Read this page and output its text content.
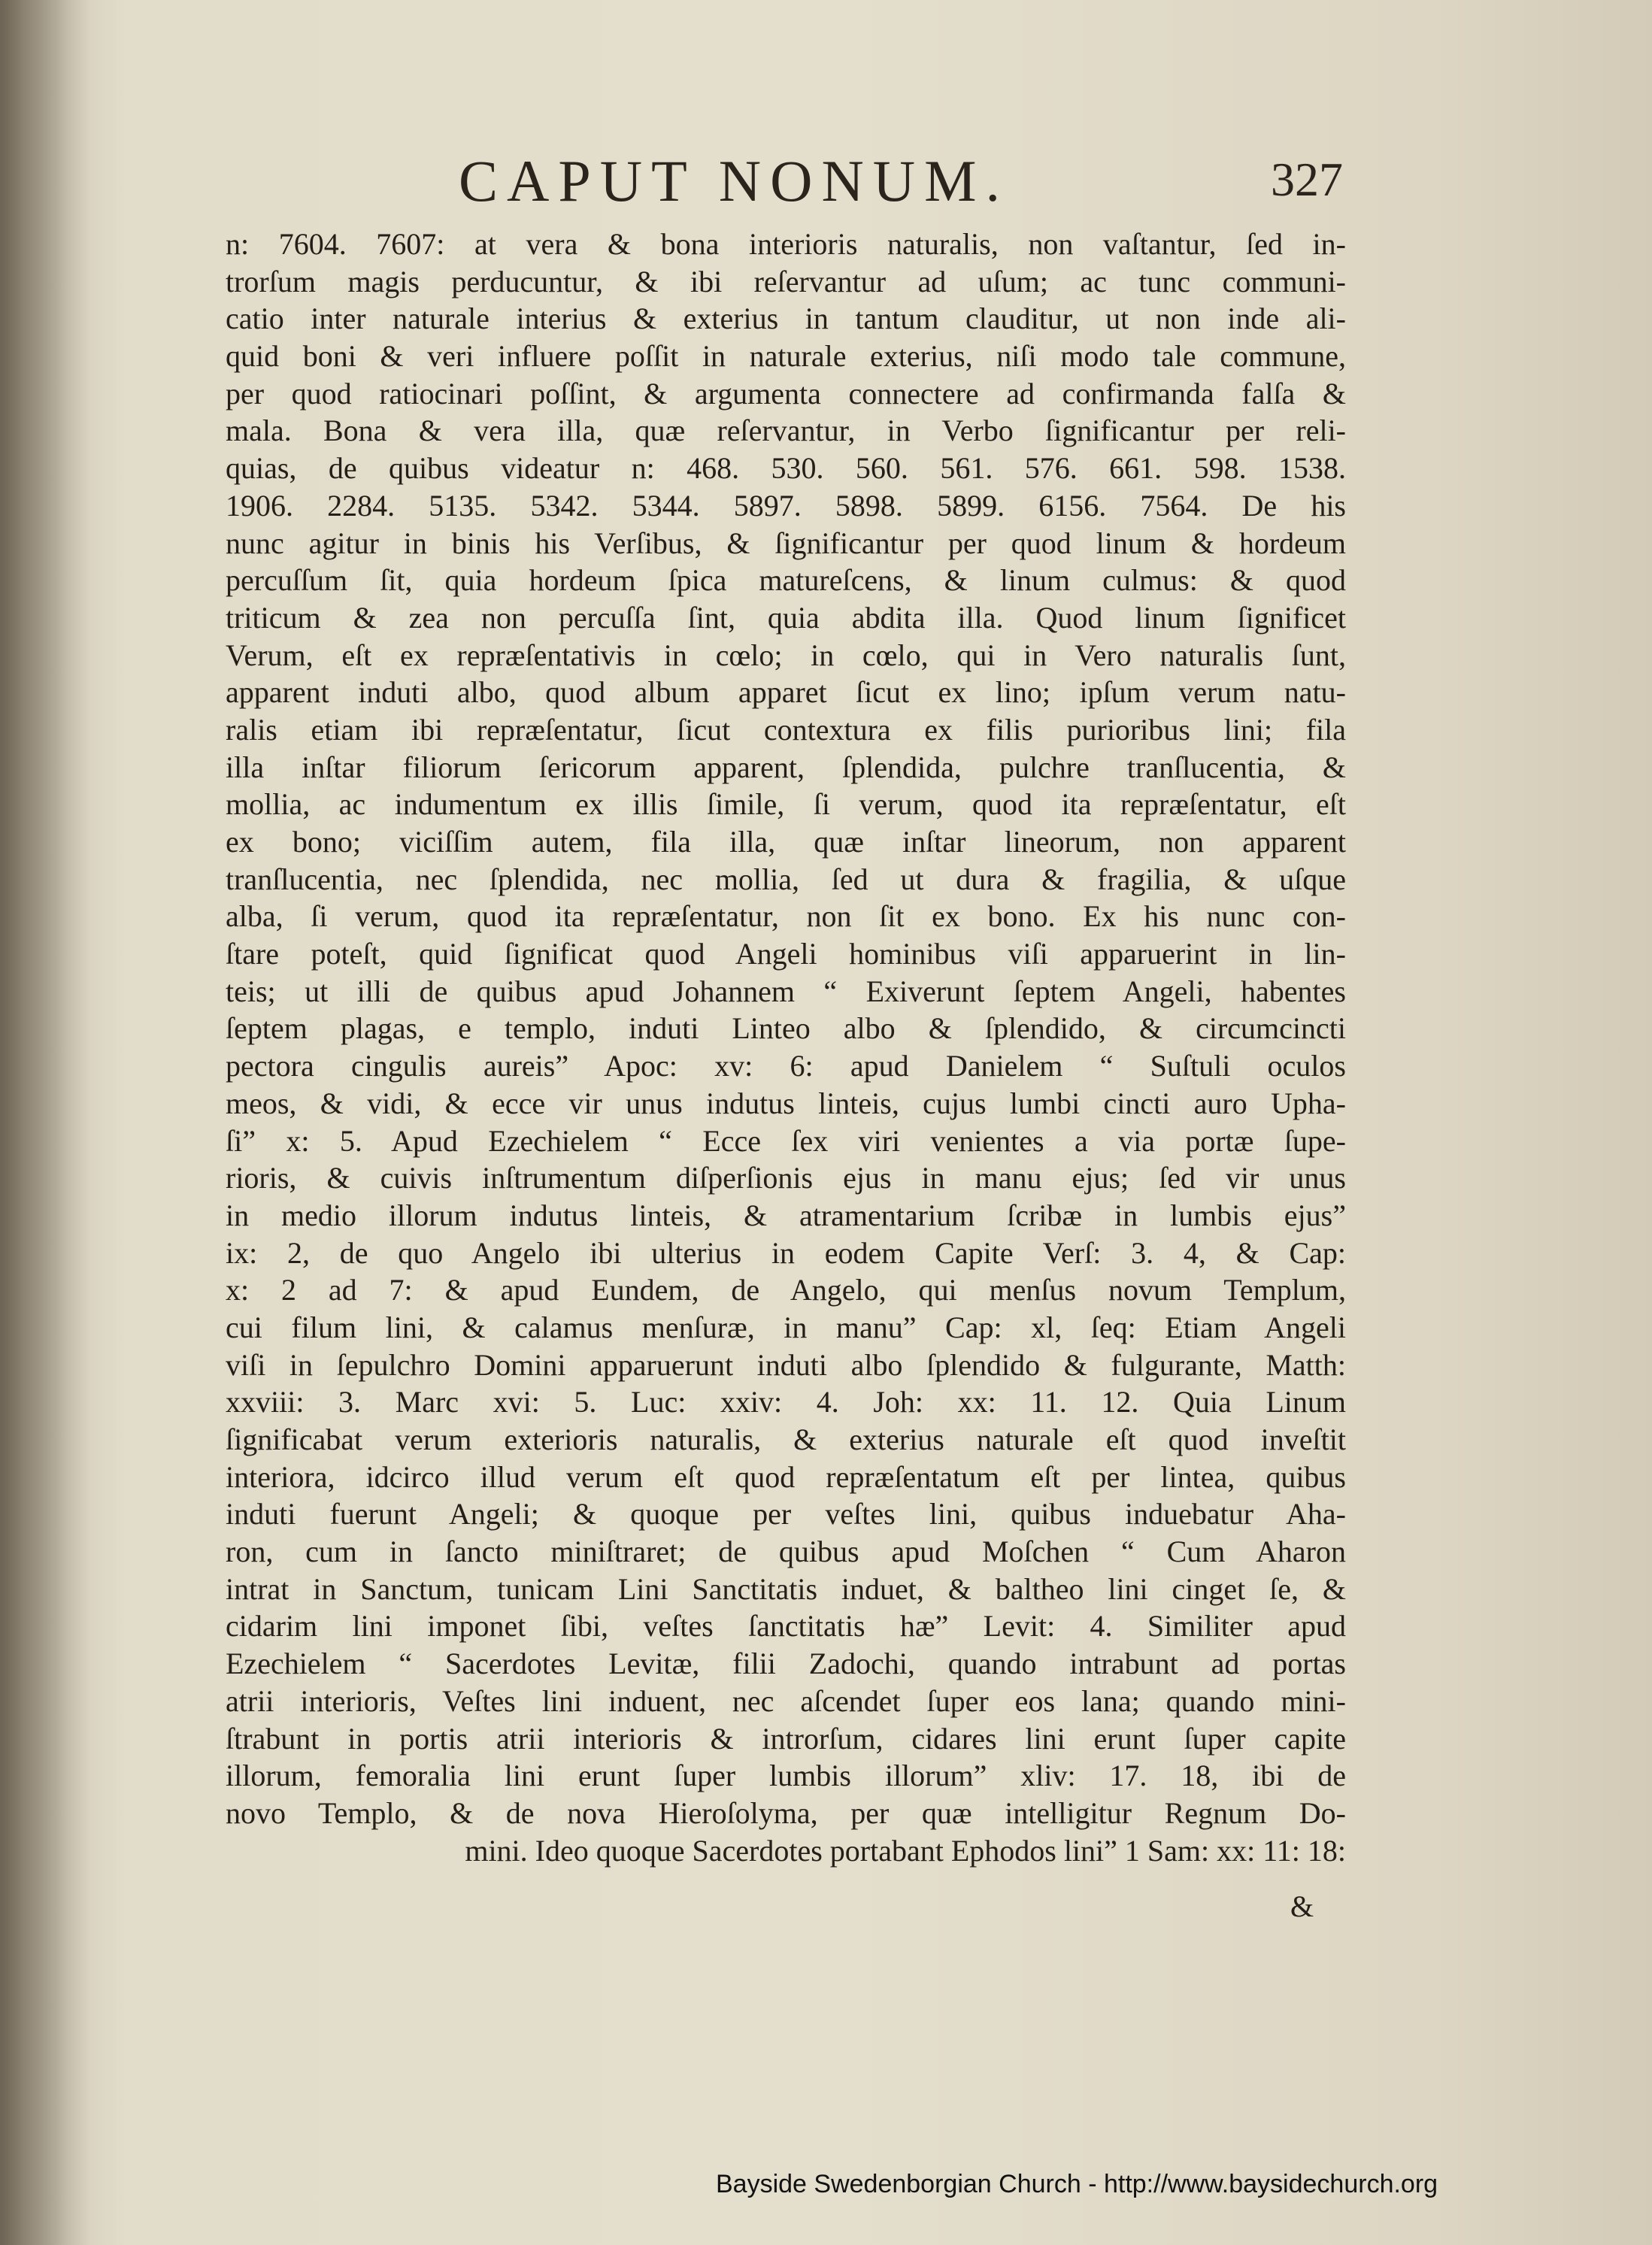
CAPUT NONUM.	327
n: 7604. 7607: at vera & bona interioris naturalis, non vaſtantur, ſed in-
trorſum magis perducuntur, & ibi reſervantur ad uſum; ac tunc communi-
catio inter naturale interius & exterius in tantum clauditur, ut non inde ali-
quid boni & veri influere poſſit in naturale exterius, niſi modo tale commune,
per quod ratiocinari poſſint, & argumenta connectere ad confirmanda falſa &
mala. Bona & vera illa, quæ reſervantur, in Verbo ſignificantur per reli-
quias, de quibus videatur n: 468. 530. 560. 561. 576. 661. 598. 1538.
1906. 2284. 5135. 5342. 5344. 5897. 5898. 5899. 6156. 7564. De his
nunc agitur in binis his Verſibus, & ſignificantur per quod linum & hordeum
percuſſum ſit, quia hordeum ſpica matureſcens, & linum culmus: & quod
triticum & zea non percuſſa ſint, quia abdita illa. Quod linum ſignificet
Verum, eſt ex repræſentativis in cœlo; in cœlo, qui in Vero naturalis ſunt,
apparent induti albo, quod album apparet ſicut ex lino; ipſum verum natu-
ralis etiam ibi repræſentatur, ſicut contextura ex filis purioribus lini; fila
illa inſtar filiorum ſericorum apparent, ſplendida, pulchre tranſlucentia, &
mollia, ac indumentum ex illis ſimile, ſi verum, quod ita repræſentatur, eſt
ex bono; viciſſim autem, fila illa, quæ inſtar lineorum, non apparent
tranſlucentia, nec ſplendida, nec mollia, ſed ut dura & fragilia, & uſque
alba, ſi verum, quod ita repræſentatur, non ſit ex bono. Ex his nunc con-
ſtare poteſt, quid ſignificat quod Angeli hominibus viſi apparuerint in lin-
teis; ut illi de quibus apud Johannem “ Exiverunt ſeptem Angeli, habentes
ſeptem plagas, e templo, induti Linteo albo & ſplendido, & circumcincti
pectora cingulis aureis” Apoc: xv: 6: apud Danielem “ Suſtuli oculos
meos, & vidi, & ecce vir unus indutus linteis, cujus lumbi cincti auro Upha-
ſi” x: 5. Apud Ezechielem “ Ecce ſex viri venientes a via portæ ſupe-
rioris, & cuivis inſtrumentum diſperſionis ejus in manu ejus; ſed vir unus
in medio illorum indutus linteis, & atramentarium ſcribæ in lumbis ejus”
ix: 2, de quo Angelo ibi ulterius in eodem Capite Verſ: 3. 4, & Cap:
x: 2 ad 7: & apud Eundem, de Angelo, qui menſus novum Templum,
cui filum lini, & calamus menſuræ, in manu” Cap: xl, ſeq: Etiam Angeli
viſi in ſepulchro Domini apparuerunt induti albo ſplendido & fulgurante, Matth:
xxviii: 3. Marc xvi: 5. Luc: xxiv: 4. Joh: xx: 11. 12. Quia Linum
ſignificabat verum exterioris naturalis, & exterius naturale eſt quod inveſtit
interiora, idcirco illud verum eſt quod repræſentatum eſt per lintea, quibus
induti fuerunt Angeli; & quoque per veſtes lini, quibus induebatur Aha-
ron, cum in ſancto miniſtraret; de quibus apud Moſchen “ Cum Aharon
intrat in Sanctum, tunicam Lini Sanctitatis induet, & baltheo lini cinget ſe, &
cidarim lini imponet ſibi, veſtes ſanctitatis hæ” Levit: 4. Similiter apud
Ezechielem “ Sacerdotes Levitæ, filii Zadochi, quando intrabunt ad portas
atrii interioris, Veſtes lini induent, nec aſcendet ſuper eos lana; quando mini-
ſtrabunt in portis atrii interioris & introrſum, cidares lini erunt ſuper capite
illorum, femoralia lini erunt ſuper lumbis illorum” xliv: 17. 18, ibi de
novo Templo, & de nova Hieroſolyma, per quæ intelligitur Regnum Do-
mini. Ideo quoque Sacerdotes portabant Ephodos lini” 1 Sam: xx: 11: 18:
&
Bayside Swedenborgian Church - http://www.baysidechurch.org
